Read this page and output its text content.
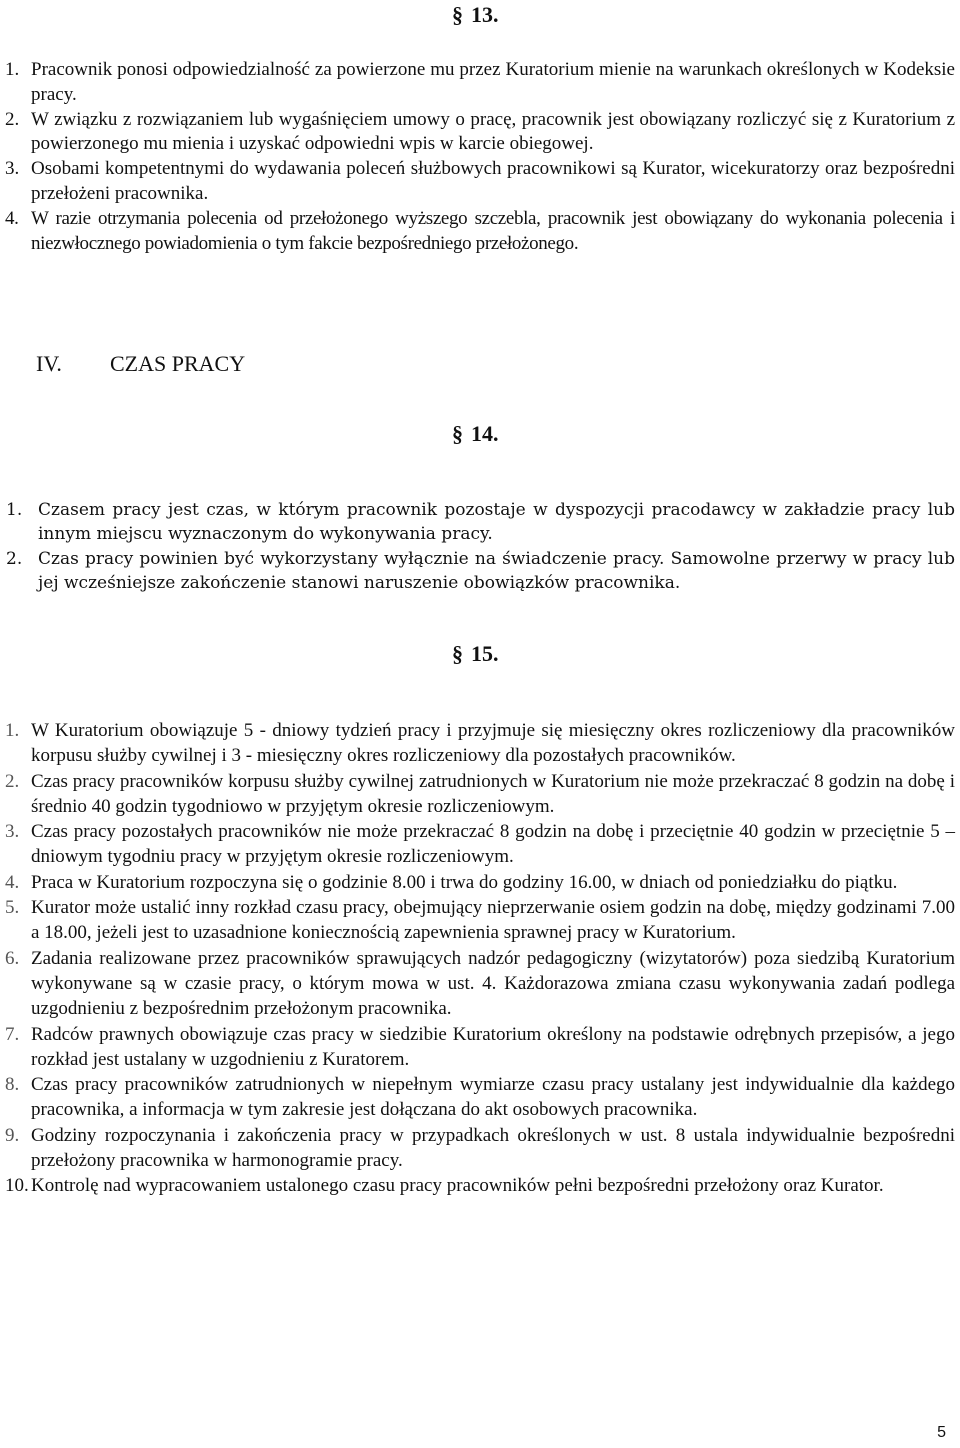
§ 13.
1. Pracownik ponosi odpowiedzialność za powierzone mu przez Kuratorium mienie na warunkach określonych w Kodeksie pracy.
2. W związku z rozwiązaniem lub wygaśnięciem umowy o pracę, pracownik jest obowiązany rozliczyć się z Kuratorium z powierzonego mu mienia i uzyskać odpowiedni wpis w karcie obiegowej.
3. Osobami kompetentnymi do wydawania poleceń służbowych pracownikowi są Kurator, wicekuratorzy oraz bezpośredni przełożeni pracownika.
4. W razie otrzymania polecenia od przełożonego wyższego szczebla, pracownik jest obowiązany do wykonania polecenia i niezwłocznego powiadomienia o tym fakcie bezpośredniego przełożonego.
IV.	CZAS PRACY
§ 14.
1. Czasem pracy jest czas, w którym pracownik pozostaje w dyspozycji pracodawcy w zakładzie pracy lub innym miejscu wyznaczonym do wykonywania pracy.
2. Czas pracy powinien być wykorzystany wyłącznie na świadczenie pracy. Samowolne przerwy w pracy lub jej wcześniejsze zakończenie stanowi naruszenie obowiązków pracownika.
§ 15.
1. W Kuratorium obowiązuje 5 - dniowy tydzień pracy i przyjmuje się miesięczny okres rozliczeniowy dla pracowników korpusu służby cywilnej i 3 - miesięczny okres rozliczeniowy dla pozostałych pracowników.
2. Czas pracy pracowników korpusu służby cywilnej zatrudnionych w Kuratorium nie może przekraczać 8 godzin na dobę i średnio 40 godzin tygodniowo w przyjętym okresie rozliczeniowym.
3. Czas pracy pozostałych pracowników nie może przekraczać 8 godzin na dobę i przeciętnie 40 godzin w przeciętnie 5 – dniowym tygodniu pracy w przyjętym okresie rozliczeniowym.
4. Praca w Kuratorium rozpoczyna się o godzinie 8.00 i trwa do godziny 16.00, w dniach od poniedziałku do piątku.
5. Kurator może ustalić inny rozkład czasu pracy, obejmujący nieprzerwanie osiem godzin na dobę, między godzinami 7.00 a 18.00, jeżeli jest to uzasadnione koniecznością zapewnienia sprawnej pracy w Kuratorium.
6. Zadania realizowane przez pracowników sprawujących nadzór pedagogiczny (wizytatorów) poza siedzibą Kuratorium wykonywane są w czasie pracy, o którym mowa w ust. 4. Każdorazowa zmiana czasu wykonywania zadań podlega uzgodnieniu z bezpośrednim przełożonym pracownika.
7. Radców prawnych obowiązuje czas pracy w siedzibie Kuratorium określony na podstawie odrębnych przepisów, a jego rozkład jest ustalany w uzgodnieniu z Kuratorem.
8. Czas pracy pracowników zatrudnionych w niepełnym wymiarze czasu pracy ustalany jest indywidualnie dla każdego pracownika, a informacja w tym zakresie jest dołączana do akt osobowych pracownika.
9. Godziny rozpoczynania i zakończenia pracy w przypadkach określonych w ust. 8 ustala indywidualnie bezpośredni przełożony pracownika w harmonogramie pracy.
10. Kontrolę nad wypracowaniem ustalonego czasu pracy pracowników pełni bezpośredni przełożony oraz Kurator.
5
